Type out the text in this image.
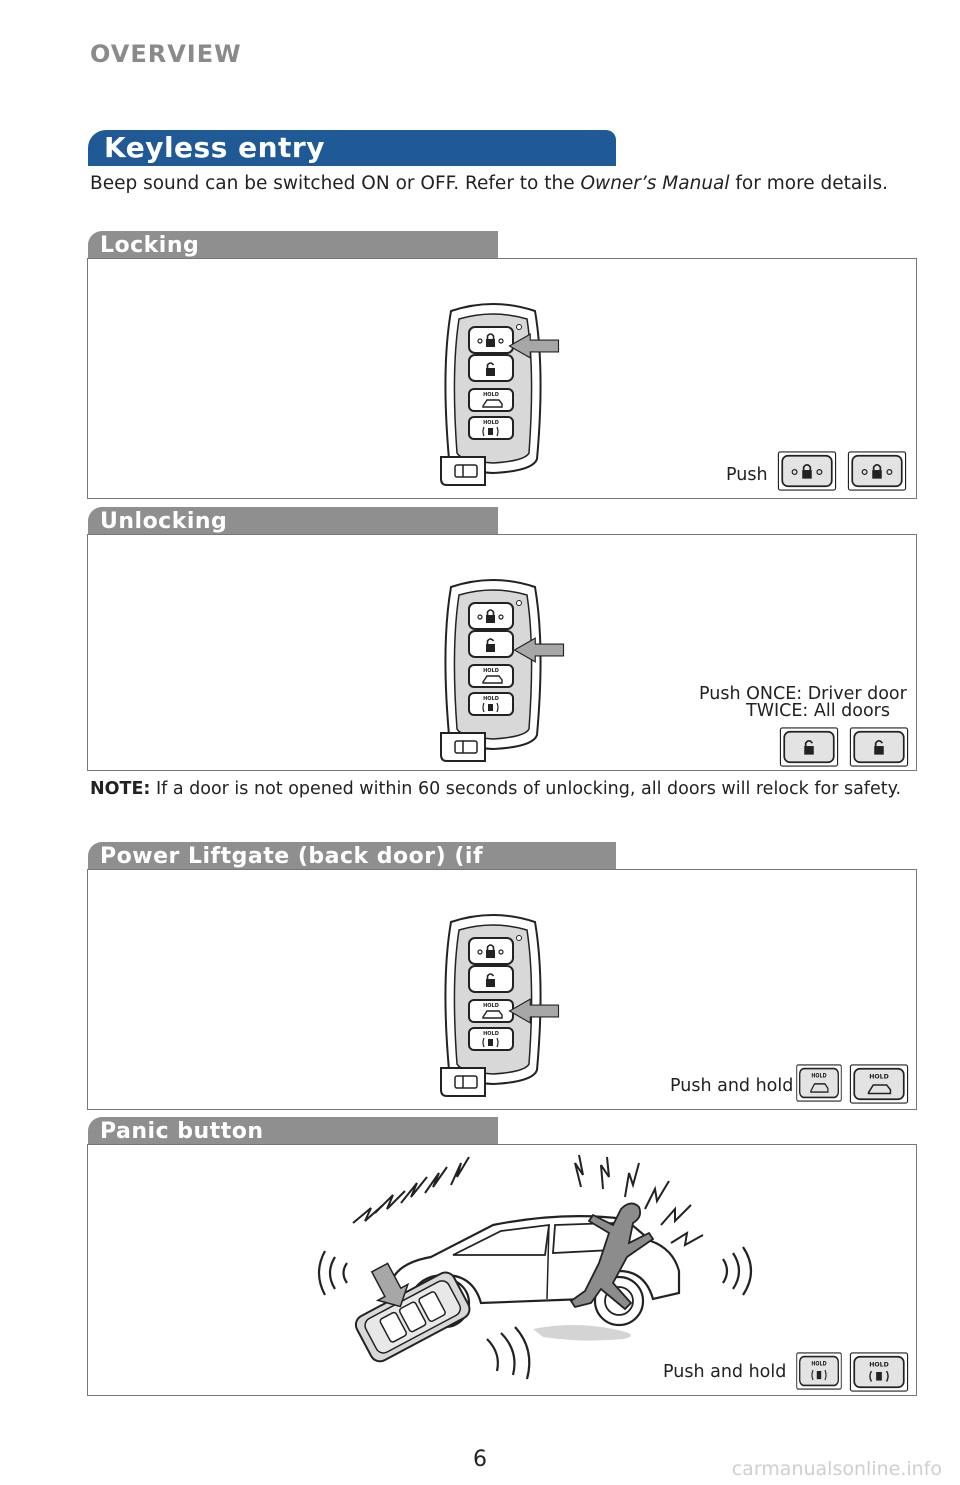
OVERVIEW
Keyless entry
Beep sound can be switched ON or OFF. Refer to the Owner’s Manual for more details.
Locking
Push
Unlocking
Push ONCE: Driver door
TWICE: All doors
NOTE: If a door is not opened within 60 seconds of unlocking, all doors will relock for safety.
Power Liftgate (back door) (if
Push and hold	HOLD	HOLD
Panic button
Push and hold	HOLD	HOLD
6	carmanualsonline.info
